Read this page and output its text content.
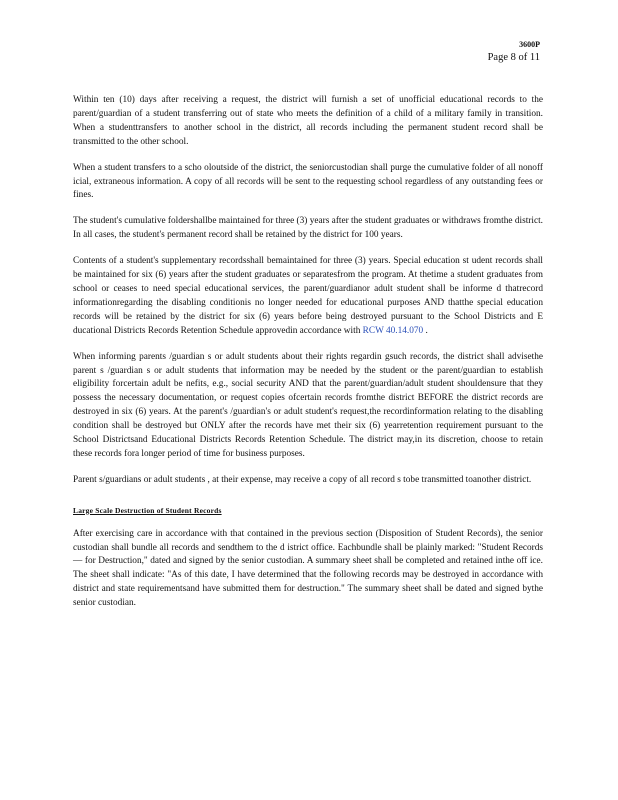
3600P
Page 8 of 11

Within ten (10) days after receiving a request, the district will furnish a set of unofficial educational records to the parent/guardian of a student transferring out of state who meets the definition of a child of a military family in transition. When a studenttransfers to another school in the district, all records including the permanent student record shall be transmitted to the other school.

When a student transfers to a scho oloutside of the district, the seniorcustodian shall purge the cumulative folder of all nonoff icial, extraneous information. A copy of all records will be sent to the requesting school regardless of any outstanding fees or fines.

The student's cumulative foldershallbe maintained for three (3) years after the student graduates or withdraws fromthe district. In all cases, the student's permanent record shall be retained by the district for 100 years.

Contents of a student's supplementary recordsshall bemaintained for three (3) years. Special education st udent records shall be maintained for six (6) years after the student graduates or separatesfrom the program. At thetime a student graduates from school or ceases to need special educational services, the parent/guardianor adult student shall be informe d thatrecord informationregarding the disabling conditionis no longer needed for educational purposes AND thatthe special education records will be retained by the district for six (6) years before being destroyed pursuant to the School Districts and E ducational Districts Records Retention Schedule approvedin accordance with RCW 40.14.070 .

When informing parents /guardian s or adult students about their rights regardin gsuch records, the district shall advisethe parent s /guardian s or adult students that information may be needed by the student or the parent/guardian to establish eligibility forcertain adult be nefits, e.g., social security AND that the parent/guardian/adult student shouldensure that they possess the necessary documentation, or request copies ofcertain records fromthe district BEFORE the district records are destroyed in six (6) years. At the parent's /guardian's or adult student's request,the recordinformation relating to the disabling condition shall be destroyed but ONLY after the records have met their six (6) yearretention requirement pursuant to the School Districtsand Educational Districts Records Retention Schedule. The district may,in its discretion, choose to retain these records fora longer period of time for business purposes.

Parent s/guardians or adult students , at their expense, may receive a copy of all record s tobe transmitted toanother district.

Large Scale Destruction of Student Records

After exercising care in accordance with that contained in the previous section (Disposition of Student Records), the senior custodian shall bundle all records and sendthem to the d istrict office. Eachbundle shall be plainly marked: "Student Records— for Destruction," dated and signed by the senior custodian. A summary sheet shall be completed and retained inthe off ice. The sheet shall indicate: "As of this date, I have determined that the following records may be destroyed in accordance with district and state requirementsand have submitted them for destruction." The summary sheet shall be dated and signed bythe senior custodian.
